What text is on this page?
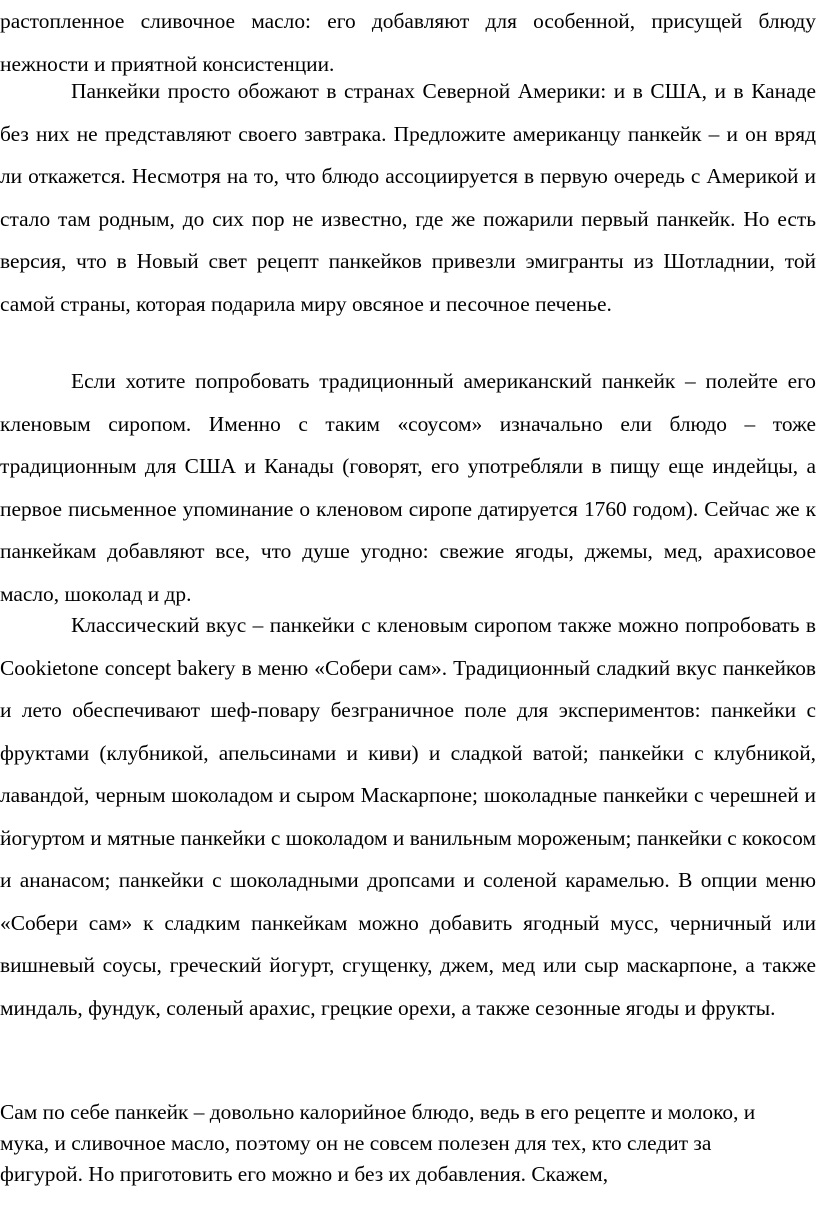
растопленное сливочное масло: его добавляют для особенной, присущей блюду нежности и приятной консистенции.

Панкейки просто обожают в странах Северной Америки: и в США, и в Канаде без них не представляют своего завтрака. Предложите американцу панкейк – и он вряд ли откажется. Несмотря на то, что блюдо ассоциируется в первую очередь с Америкой и стало там родным, до сих пор не известно, где же пожарили первый панкейк. Но есть версия, что в Новый свет рецепт панкейков привезли эмигранты из Шотладнии, той самой страны, которая подарила миру овсяное и песочное печенье.

Если хотите попробовать традиционный американский панкейк – полейте его кленовым сиропом. Именно с таким «соусом» изначально ели блюдо – тоже традиционным для США и Канады (говорят, его употребляли в пищу еще индейцы, а первое письменное упоминание о кленовом сиропе датируется 1760 годом). Сейчас же к панкейкам добавляют все, что душе угодно: свежие ягоды, джемы, мед, арахисовое масло, шоколад и др.

Классический вкус – панкейки с кленовым сиропом также можно попробовать в Cookietone concept bakery в меню «Собери сам». Традиционный сладкий вкус панкейков и лето обеспечивают шеф-повару безграничное поле для экспериментов: панкейки с фруктами (клубникой, апельсинами и киви) и сладкой ватой; панкейки с клубникой, лавандой, черным шоколадом и сыром Маскарпоне; шоколадные панкейки с черешней и йогуртом и мятные панкейки с шоколадом и ванильным мороженым; панкейки с кокосом и ананасом; панкейки с шоколадными дропсами и соленой карамелью. В опции меню «Собери сам» к сладким панкейкам можно добавить ягодный мусс, черничный или вишневый соусы, греческий йогурт, сгущенку, джем, мед или сыр маскарпоне, а также миндаль, фундук, соленый арахис, грецкие орехи, а также сезонные ягоды и фрукты.

Сам по себе панкейк – довольно калорийное блюдо, ведь в его рецепте и молоко, и мука, и сливочное масло, поэтому он не совсем полезен для тех, кто следит за фигурой. Но приготовить его можно и без их добавления. Скажем,
